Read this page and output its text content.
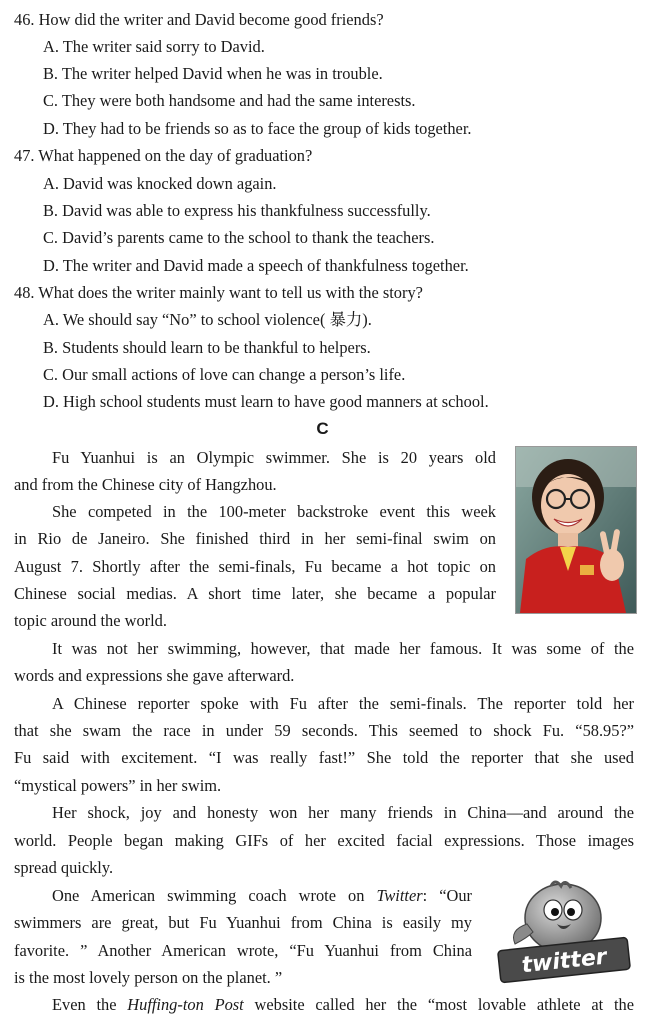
46. How did the writer and David become good friends?
A. The writer said sorry to David.
B. The writer helped David when he was in trouble.
C. They were both handsome and had the same interests.
D. They had to be friends so as to face the group of kids together.
47. What happened on the day of graduation?
A. David was knocked down again.
B. David was able to express his thankfulness successfully.
C. David’s parents came to the school to thank the teachers.
D. The writer and David made a speech of thankfulness together.
48. What does the writer mainly want to tell us with the story?
A. We should say “No” to school violence( 暴力).
B. Students should learn to be thankful to helpers.
C. Our small actions of love can change a person’s life.
D. High school students must learn to have good manners at school.
C
Fu Yuanhui is an Olympic swimmer. She is 20 years old
and from the Chinese city of Hangzhou.
She competed in the 100-meter backstroke event this week
in Rio de Janeiro. She finished third in her semi-final swim on
August 7. Shortly after the semi-finals, Fu became a hot topic on
Chinese social medias. A short time later, she became a popular
topic around the world.
It was not her swimming, however, that made her famous. It was some of the
words and expressions she gave afterward.
A Chinese reporter spoke with Fu after the semi-finals. The reporter told her
that she swam the race in under 59 seconds. This seemed to shock Fu. “58.95?”
Fu said with excitement. “I was really fast!” She told the reporter that she used
“mystical powers” in her swim.
Her shock, joy and honesty won her many friends in China—and around the
world. People began making GIFs of her excited facial expressions. Those images
spread quickly.
One American swimming coach wrote on Twitter: “Our
swimmers are great, but Fu Yuanhui from China is easily my
favorite. ” Another American wrote, “Fu Yuanhui from China
is the most lovely person on the planet. ”	twitter
Even the Huffing-ton Post website called her the “most lovable athlete at the
